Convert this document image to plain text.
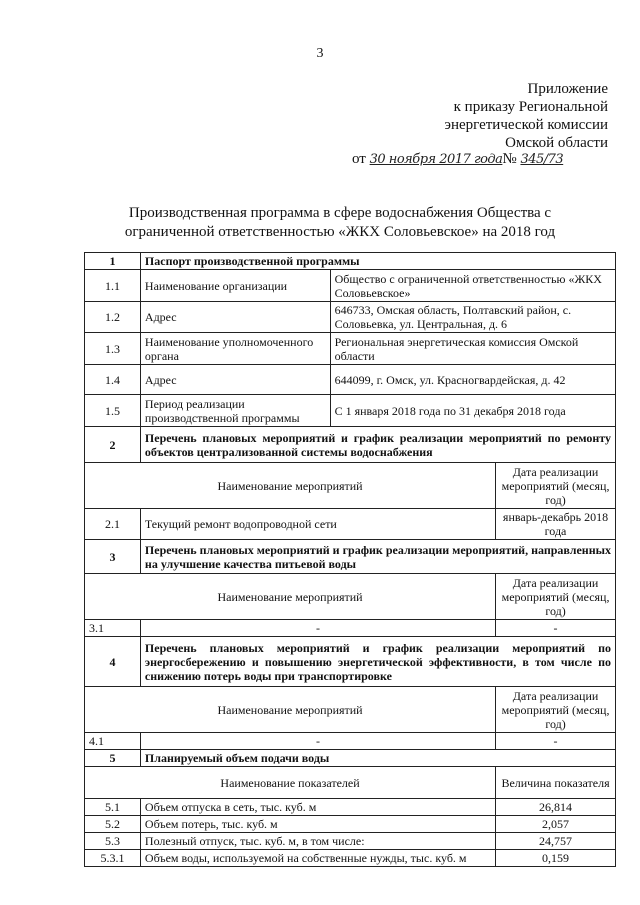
3
Приложение
к приказу Региональной
энергетической комиссии
Омской области
от 30 ноября 2017 года№ 345/73
Производственная программа в сфере водоснабжения Общества с ограниченной ответственностью «ЖКХ Соловьевское» на 2018 год
1	Паспорт производственной программы		
1.1	Наименование организации	Общество с ограниченной ответственностью «ЖКХ Соловьевское»	
1.2	Адрес	646733, Омская область, Полтавский район, с. Соловьевка, ул. Центральная, д. 6	
1.3	Наименование уполномоченного органа	Региональная энергетическая комиссия Омской области	
1.4	Адрес	644099, г. Омск, ул. Красногвардейская, д. 42	
1.5	Период реализации производственной программы	С 1 января 2018 года по 31 декабря 2018 года	
2	Перечень плановых мероприятий и график реализации мероприятий по ремонту объектов централизованной системы водоснабжения		
Наименование мероприятий			Дата реализации мероприятий (месяц, год)
2.1	Текущий ремонт водопроводной сети		январь-декабрь 2018 года
3	Перечень плановых мероприятий и график реализации мероприятий, направленных на улучшение качества питьевой воды		
Наименование мероприятий			Дата реализации мероприятий (месяц, год)
3.1	-		-
4	Перечень плановых мероприятий и график реализации мероприятий по энергосбережению и повышению энергетической эффективности, в том числе по снижению потерь воды при транспортировке		
Наименование мероприятий			Дата реализации мероприятий (месяц, год)
4.1	-		-
5	Планируемый объем подачи воды		
Наименование показателей			Величина показателя
5.1	Объем отпуска в сеть, тыс. куб. м		26,814
5.2	Объем потерь, тыс. куб. м		2,057
5.3	Полезный отпуск, тыс. куб. м, в том числе:		24,757
5.3.1	Объем воды, используемой на собственные нужды, тыс. куб. м		0,159
